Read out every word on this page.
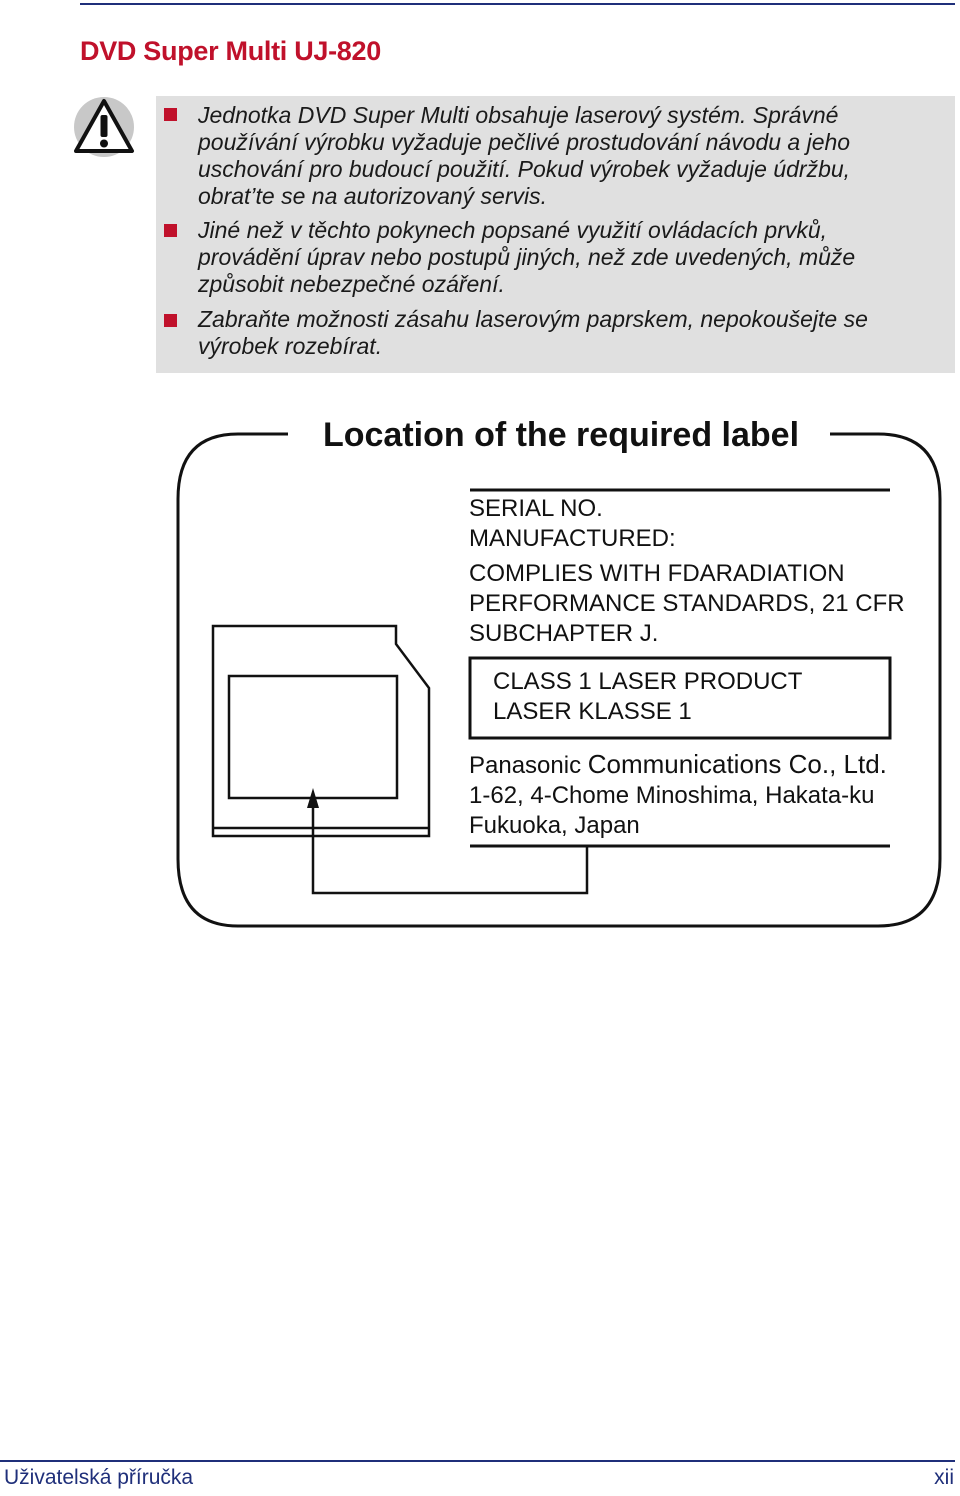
DVD Super Multi UJ-820

Jednotka DVD Super Multi obsahuje laserový systém. Správné
používání výrobku vyžaduje pečlivé prostudování návodu a jeho
uschování pro budoucí použití. Pokud výrobek vyžaduje údržbu,
obrat’te se na autorizovaný servis.

Jiné než v těchto pokynech popsané využití ovládacích prvků,
provádění úprav nebo postupů jiných, než zde uvedených, může
způsobit nebezpečné ozáření.

Zabraňte možnosti zásahu laserovým paprskem, nepokoušejte se
výrobek rozebírat.

Location of the required label
SERIAL NO.
MANUFACTURED:
COMPLIES WITH FDARADIATION
PERFORMANCE STANDARDS, 21 CFR
SUBCHAPTER J.
CLASS 1 LASER PRODUCT
LASER KLASSE 1
Panasonic Communications Co., Ltd.
1-62, 4-Chome Minoshima, Hakata-ku
Fukuoka, Japan
Uživatelská příručka	xii
